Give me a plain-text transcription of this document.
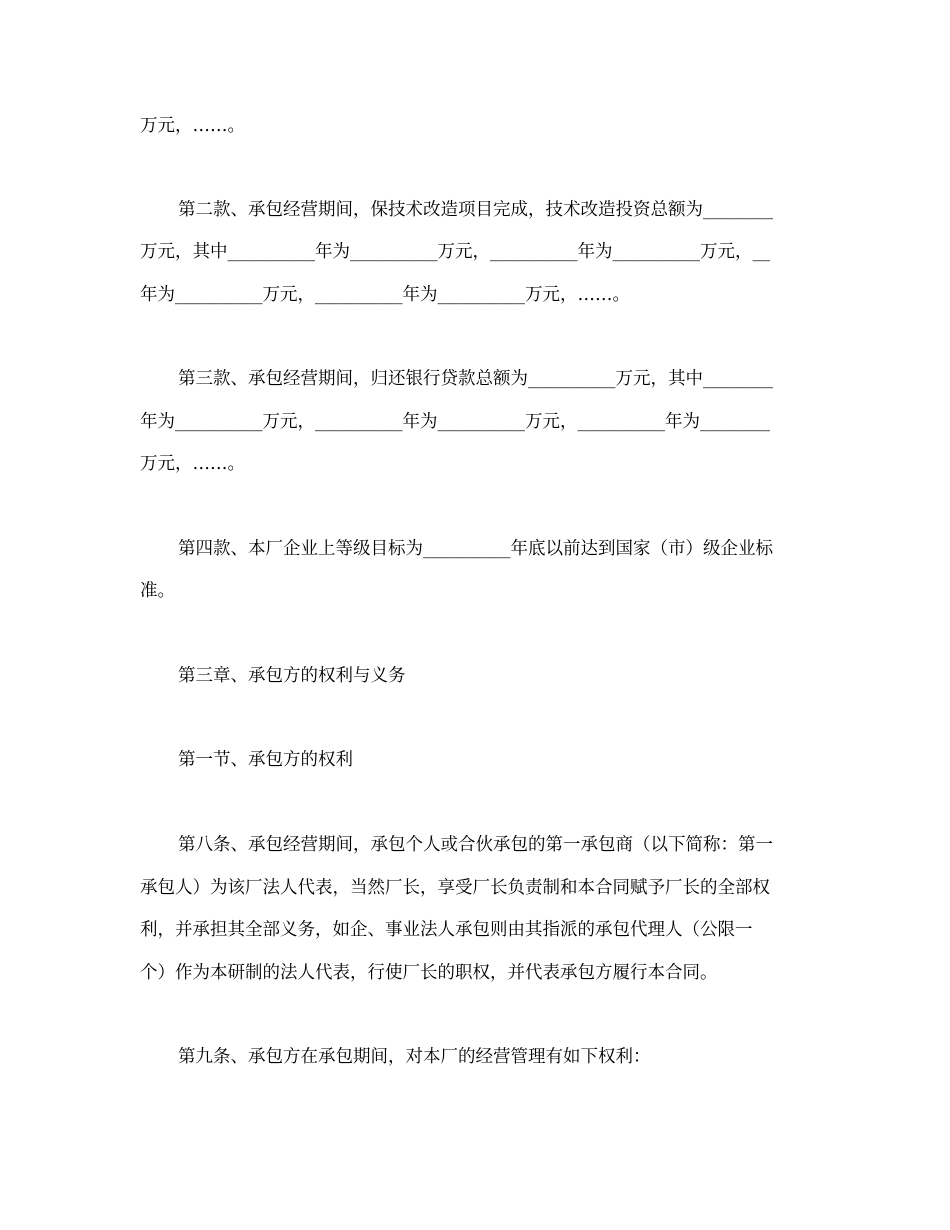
万元，……。
第二款、承包经营期间，保技术改造项目完成，技术改造投资总额为________
万元，其中__________年为__________万元，__________年为__________万元，__
年为__________万元，__________年为__________万元，……。
第三款、承包经营期间，归还银行贷款总额为__________万元，其中________
年为__________万元，__________年为__________万元，__________年为________
万元，……。
第四款、本厂企业上等级目标为__________年底以前达到国家（市）级企业标
准。
第三章、承包方的权利与义务
第一节、承包方的权利
第八条、承包经营期间，承包个人或合伙承包的第一承包商（以下简称：第一
承包人）为该厂法人代表，当然厂长，享受厂长负责制和本合同赋予厂长的全部权
利，并承担其全部义务，如企、事业法人承包则由其指派的承包代理人（公限一
个）作为本研制的法人代表，行使厂长的职权，并代表承包方履行本合同。
第九条、承包方在承包期间，对本厂的经营管理有如下权利：
